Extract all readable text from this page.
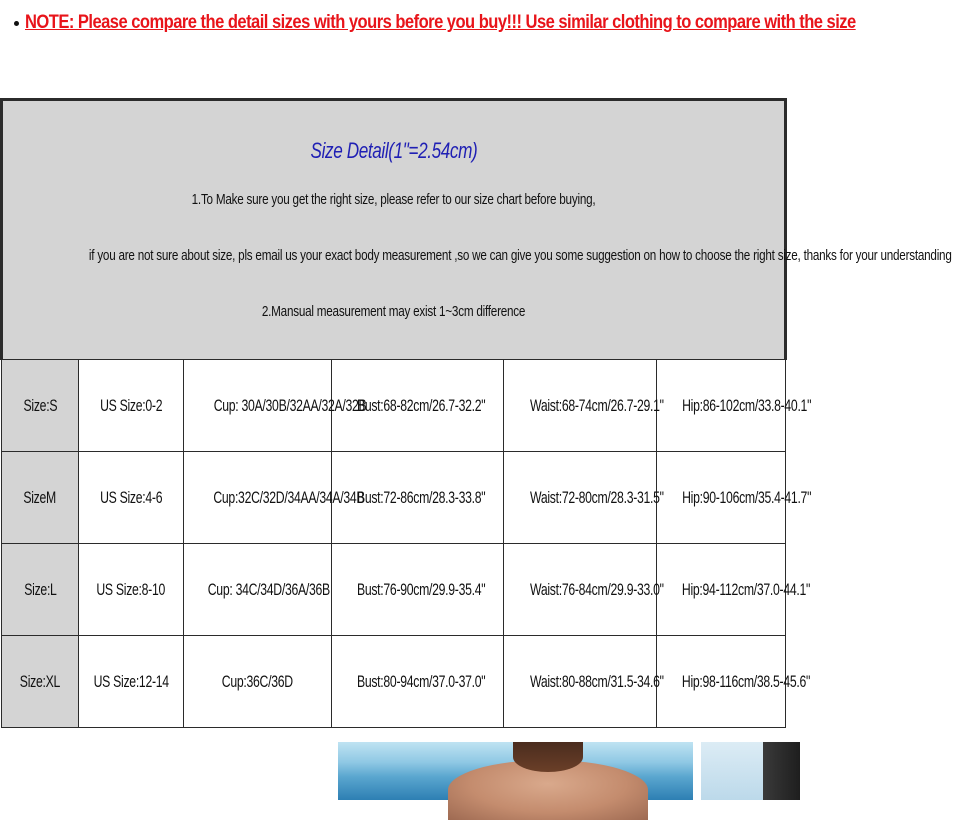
NOTE: Please compare the detail sizes with yours before you buy!!! Use similar clothing to compare with the size
Size Detail(1"=2.54cm)
1.To Make sure you get the right size, please refer to our size chart before buying,
if you are not sure about size, pls email us your exact body measurement ,so we can give you some suggestion on how to choose the right size, thanks for your understanding
2.Mansual measurement may exist 1~3cm difference					

Size:S	US Size:0-2	Cup: 30A/30B/32AA/32A/32B	Bust:68-82cm/26.7-32.2"	Waist:68-74cm/26.7-29.1"	Hip:86-102cm/33.8-40.1"
SizeM	US Size:4-6	Cup:32C/32D/34AA/34A/34B	Bust:72-86cm/28.3-33.8"	Waist:72-80cm/28.3-31.5"	Hip:90-106cm/35.4-41.7"
Size:L	US Size:8-10	Cup: 34C/34D/36A/36B	Bust:76-90cm/29.9-35.4"	Waist:76-84cm/29.9-33.0"	Hip:94-112cm/37.0-44.1"
Size:XL	US Size:12-14	Cup:36C/36D	Bust:80-94cm/37.0-37.0"	Waist:80-88cm/31.5-34.6"	Hip:98-116cm/38.5-45.6"
